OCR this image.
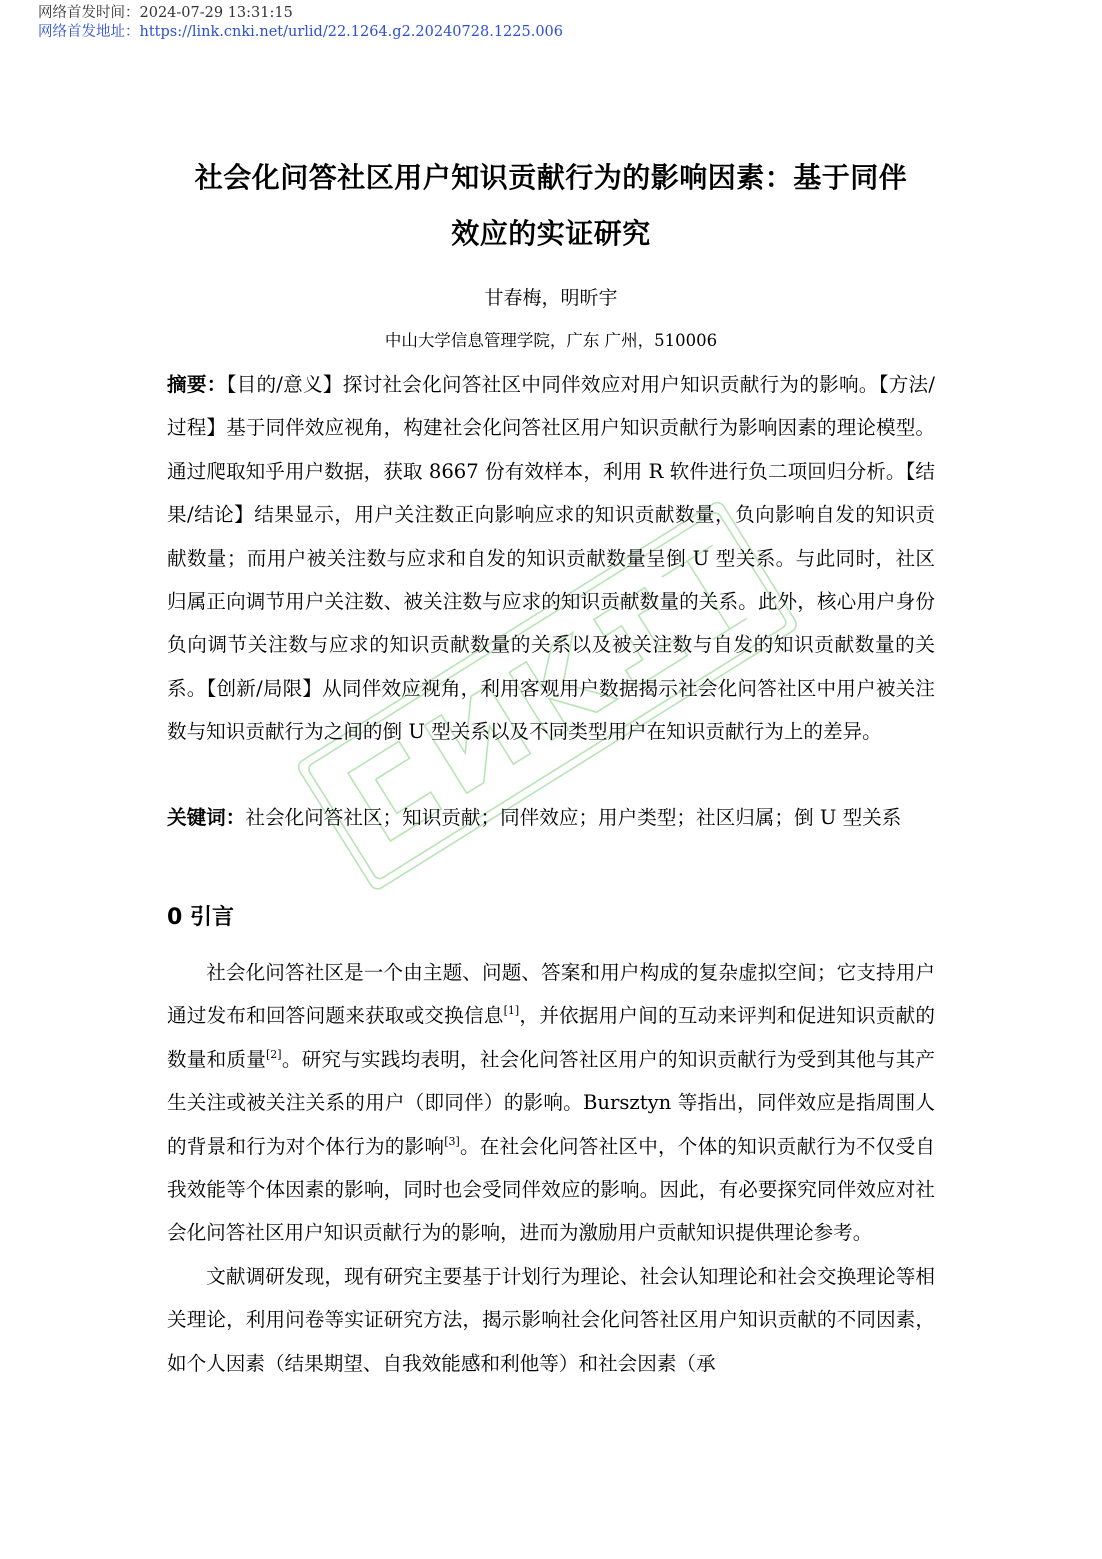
网络首发时间：2024-07-29 13:31:15
网络首发地址：https://link.cnki.net/urlid/22.1264.g2.20240728.1225.006
社会化问答社区用户知识贡献行为的影响因素：基于同伴
效应的实证研究
甘春梅，明昕宇
中山大学信息管理学院，广东 广州，510006
摘要：【目的/意义】探讨社会化问答社区中同伴效应对用户知识贡献行为的影响。【方法/过程】基于同伴效应视角，构建社会化问答社区用户知识贡献行为影响因素的理论模型。通过爬取知乎用户数据，获取 8667 份有效样本，利用 R 软件进行负二项回归分析。【结果/结论】结果显示，用户关注数正向影响应求的知识贡献数量，负向影响自发的知识贡献数量；而用户被关注数与应求和自发的知识贡献数量呈倒 U 型关系。与此同时，社区归属正向调节用户关注数、被关注数与应求的知识贡献数量的关系。此外，核心用户身份负向调节关注数与应求的知识贡献数量的关系以及被关注数与自发的知识贡献数量的关系。【创新/局限】从同伴效应视角，利用客观用户数据揭示社会化问答社区中用户被关注数与知识贡献行为之间的倒 U 型关系以及不同类型用户在知识贡献行为上的差异。
关键词：社会化问答社区；知识贡献；同伴效应；用户类型；社区归属；倒 U 型关系
0 引言

社会化问答社区是一个由主题、问题、答案和用户构成的复杂虚拟空间；它支持用户通过发布和回答问题来获取或交换信息[1]，并依据用户间的互动来评判和促进知识贡献的数量和质量[2]。研究与实践均表明，社会化问答社区用户的知识贡献行为受到其他与其产生关注或被关注关系的用户（即同伴）的影响。Bursztyn 等指出，同伴效应是指周围人的背景和行为对个体行为的影响[3]。在社会化问答社区中，个体的知识贡献行为不仅受自我效能等个体因素的影响，同时也会受同伴效应的影响。因此，有必要探究同伴效应对社会化问答社区用户知识贡献行为的影响，进而为激励用户贡献知识提供理论参考。

文献调研发现，现有研究主要基于计划行为理论、社会认知理论和社会交换理论等相关理论，利用问卷等实证研究方法，揭示影响社会化问答社区用户知识贡献的不同因素，如个人因素（结果期望、自我效能感和利他等）和社会因素（承
